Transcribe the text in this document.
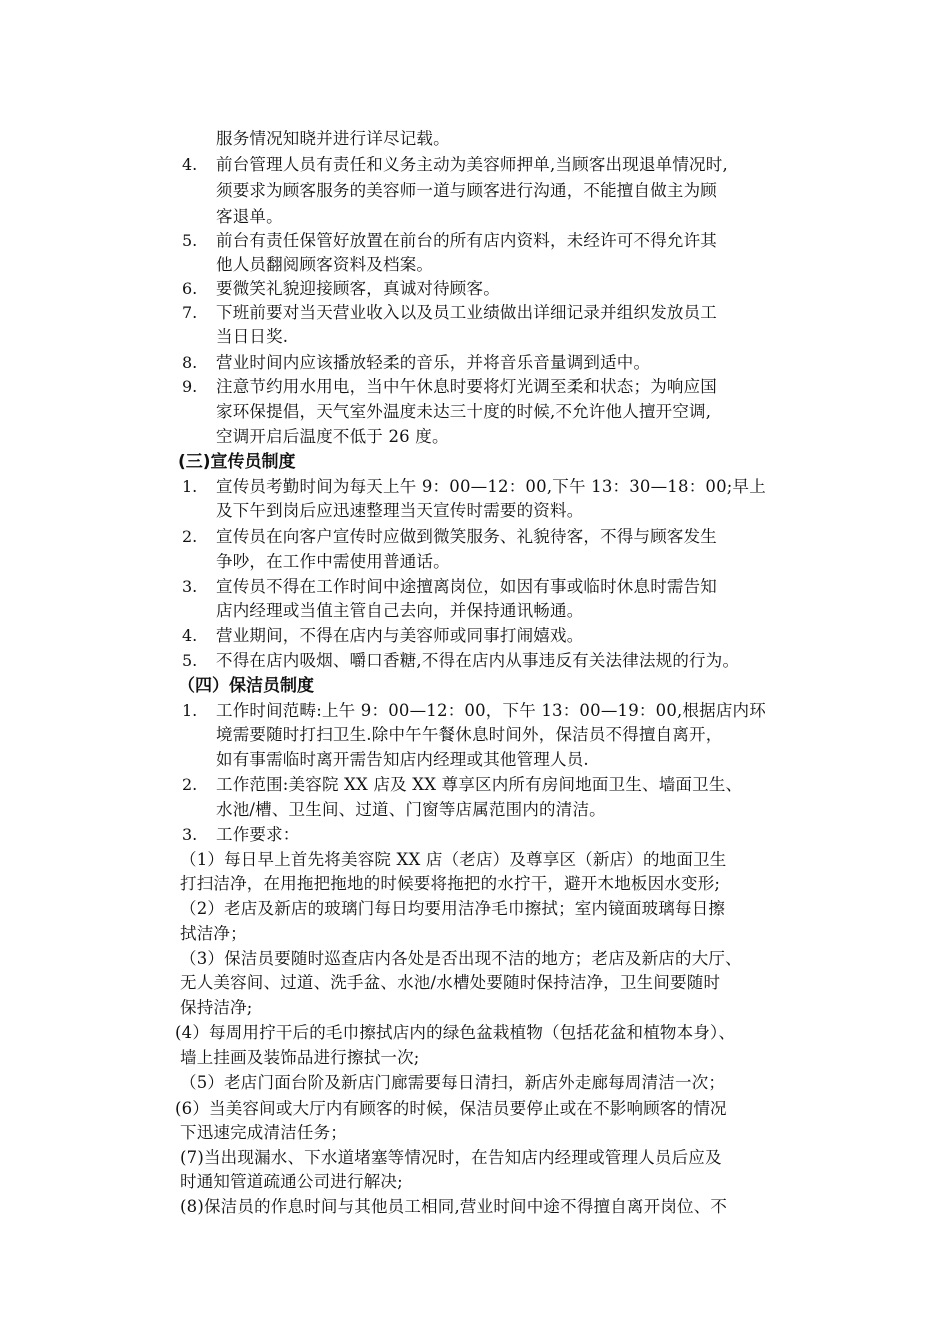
服务情况知晓并进行详尽记载。
4. 前台管理人员有责任和义务主动为美容师押单,当顾客出现退单情况时,
须要求为顾客服务的美容师一道与顾客进行沟通，不能擅自做主为顾
客退单。
5. 前台有责任保管好放置在前台的所有店内资料，未经许可不得允许其
他人员翻阅顾客资料及档案。
6. 要微笑礼貌迎接顾客，真诚对待顾客。
7. 下班前要对当天营业收入以及员工业绩做出详细记录并组织发放员工
当日日奖.
8. 营业时间内应该播放轻柔的音乐，并将音乐音量调到适中。
9. 注意节约用水用电，当中午休息时要将灯光调至柔和状态；为响应国
家环保提倡，天气室外温度未达三十度的时候,不允许他人擅开空调,
空调开启后温度不低于 26 度。
(三)宣传员制度
1. 宣传员考勤时间为每天上午 9：00—12：00,下午 13：30—18：00;早上
及下午到岗后应迅速整理当天宣传时需要的资料。
2. 宣传员在向客户宣传时应做到微笑服务、礼貌待客，不得与顾客发生
争吵，在工作中需使用普通话。
3. 宣传员不得在工作时间中途擅离岗位，如因有事或临时休息时需告知
店内经理或当值主管自己去向，并保持通讯畅通。
4. 营业期间，不得在店内与美容师或同事打闹嬉戏。
5. 不得在店内吸烟、嚼口香糖,不得在店内从事违反有关法律法规的行为。
（四）保洁员制度
1. 工作时间范畴:上午 9：00—12：00，下午 13：00—19：00,根据店内环
境需要随时打扫卫生.除中午午餐休息时间外，保洁员不得擅自离开，
如有事需临时离开需告知店内经理或其他管理人员.
2. 工作范围:美容院 XX 店及 XX 尊享区内所有房间地面卫生、墙面卫生、
水池/槽、卫生间、过道、门窗等店属范围内的清洁。
3. 工作要求：
（1）每日早上首先将美容院 XX 店（老店）及尊享区（新店）的地面卫生
打扫洁净，在用拖把拖地的时候要将拖把的水拧干，避开木地板因水变形;
（2）老店及新店的玻璃门每日均要用洁净毛巾擦拭；室内镜面玻璃每日擦
拭洁净；
（3）保洁员要随时巡查店内各处是否出现不洁的地方；老店及新店的大厅、
无人美容间、过道、洗手盆、水池/水槽处要随时保持洁净，卫生间要随时
保持洁净;
(4）每周用拧干后的毛巾擦拭店内的绿色盆栽植物（包括花盆和植物本身）、
墙上挂画及装饰品进行擦拭一次;
（5）老店门面台阶及新店门廊需要每日清扫，新店外走廊每周清洁一次；
(6）当美容间或大厅内有顾客的时候，保洁员要停止或在不影响顾客的情况
下迅速完成清洁任务；
(7)当出现漏水、下水道堵塞等情况时，在告知店内经理或管理人员后应及
时通知管道疏通公司进行解决;
(8)保洁员的作息时间与其他员工相同,营业时间中途不得擅自离开岗位、不
